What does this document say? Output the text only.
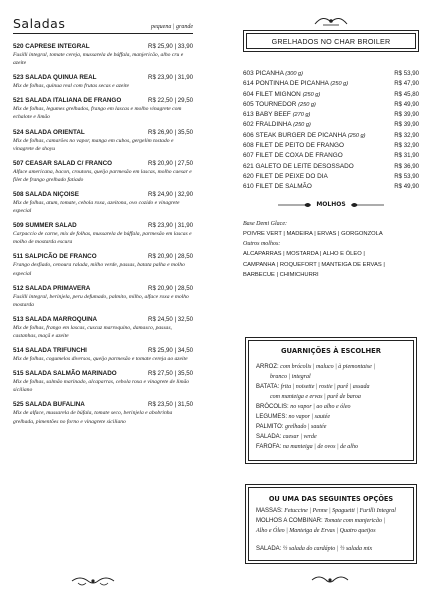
Saladas	pequena | grande
520 CAPRESE INTEGRAL	R$ 25,90 | 33,90
Fusilli integral, tomate cereja, mussarela de búffala, manjericão, alho cru e azeite
523 SALADA QUINUA REAL	R$ 23,90 | 31,90
Mix de folhas, quinua real com frutas secas e azeite
521 SALADA ITALIANA DE FRANGO	R$ 22,50 | 29,50
Mix de folhas, legumes grelhados, frango em lascas e molho vinagrete com echalote e limão
524 SALADA ORIENTAL	R$ 26,90 | 35,50
Mix de folhas, camarões no vapor, manga em cubos, gergelim tostado e vinagrete de shoyu
507 CEASAR SALAD C/ FRANCO	R$ 20,90 | 27,50
Alface americana, bacon, croutons, queijo parmesão em lascas, molho caesar e filet de frango grelhado fatiado
508 SALADA NIÇOISE	R$ 24,90 | 32,90
Mix de folhas, atum, tomate, cebola roxa, azeitona, ovo cozido e vinagrete especial
509 SUMMER SALAD	R$ 23,90 | 31,90
Carpaccio de carne, mix de folhas, mussarela de búffala, parmesão em lascas e molho de mostarda escura
511 SALPICÃO DE FRANCO	R$ 20,90 | 28,50
Frango desfiado, cenoura ralada, milho verde, passas, batata palha e molho especial
512 SALADA PRIMAVERA	R$ 20,90 | 28,50
Fusilli integral, berinjela, peru defumado, palmito, milho, alface roxa e molho mostarda
513 SALADA MARROQUINA	R$ 24,50 | 32,50
Mix de folhas, frango em lascas, cuscuz marroquino, damasco, passas, castanhas, maçã e azeite
514 SALADA TRIFUNCHI	R$ 25,90 | 34,50
Mix de folhas, cogumelos diversos, queijo parmesão e tomate cereja ao azeite
515 SALADA SALMÃO MARINADO	R$ 27,50 | 35,50
Mix de folhas, salmão marinado, alcaparras, cebola roxa e vinagrete de limão siciliano
525 SALADA BUFALINA	R$ 23,50 | 31,50
Mix de alface, mussarela de búfala, tomate seco, berinjela e abobrinha grelhada, pimentões no forno e vinagrete siciliano
GRELHADOS NO CHAR BROILER
603 PICANHA (300 g)	R$ 53,90
614 PONTINHA DE PICANHA (250 g)	R$ 47,90
604 FILET MIGNON (250 g)	R$ 45,80
605 TOURNEDOR (250 g)	R$ 49,90
613 BABY BEEF (270 g)	R$ 39,90
602 FRALDINHA (250 g)	R$ 39,90
606 STEAK BURGER DE PICANHA (250 g)	R$ 32,90
608 FILET DE PEITO DE FRANGO	R$ 32,90
607 FILET DE COXA DE FRANGO	R$ 31,90
621 GALETO DE LEITE DESOSSADO	R$ 36,90
620 FILET DE PEIXE DO DIA	R$ 53,90
610 FILET DE SALMÃO	R$ 49,90
MOLHOS
Base Demi Glace:
POIVRE VERT | MADEIRA | ERVAS | GORGONZOLA
Outros molhos:
ALCAPARRAS | MOSTARDA | ALHO E ÓLEO |
CAMPANHA | ROQUEFORT | MANTEIGA DE ERVAS |
BARBECUE | CHIMICHURRI
GUARNIÇÕES À ESCOLHER
ARROZ: com brócolis | maluco | à piemontaise |
branco | integral
BATATA: frita | noisette | rostie | purê | assada
com manteiga e ervas | purê de baroa
BRÓCOLIS: no vapor | ao alho e óleo
LEGUMES: no vapor | sautée
PALMITO: grelhado | sautée
SALADA: caesar | verde
FAROFA: na manteiga | de ovos | de alho
OU UMA DAS SEGUINTES OPÇÕES
MASSAS: Fetuccine | Penne | Spaguetti | Furilli Integral
MOLHOS A COMBINAR: Tomate com manjericão |
Alho e Óleo | Manteiga de Ervas | Quatro queijos
SALADA: ½ salada do cardápio | ½ salada mix
